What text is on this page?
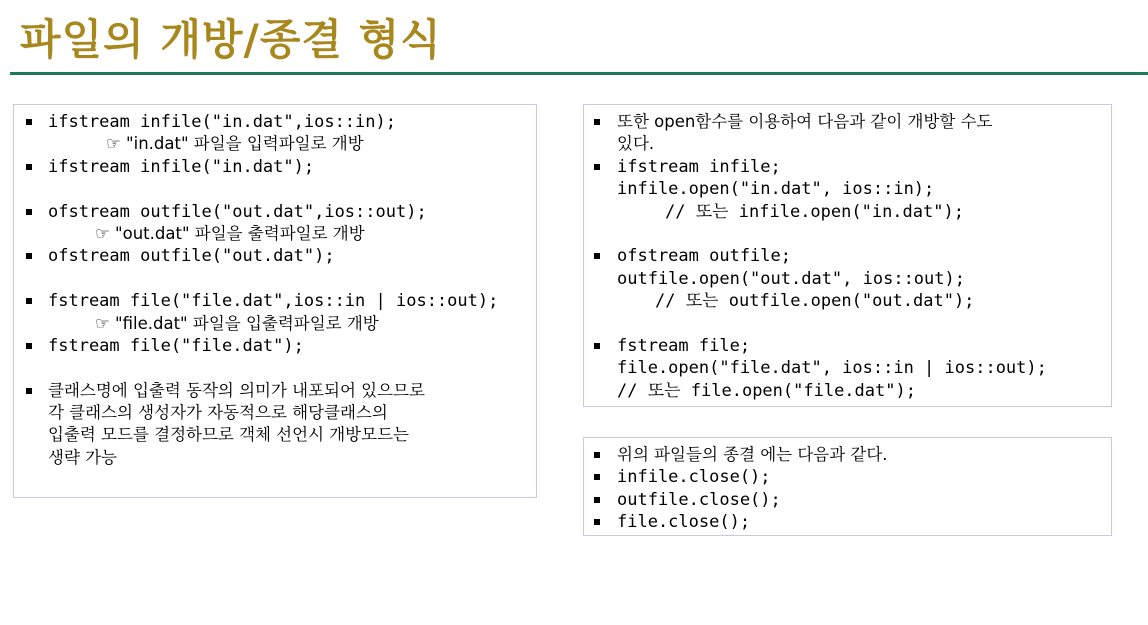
파일의 개방/종결 형식

ifstream infile("in.dat",ios::in);

☞ "in.dat" 파일을 입력파일로 개방

ifstream infile("in.dat");

ofstream outfile("out.dat",ios::out);

☞ "out.dat" 파일을 출력파일로 개방

ofstream outfile("out.dat");

fstream file("file.dat",ios::in | ios::out);

☞ "file.dat" 파일을 입출력파일로 개방

fstream file("file.dat");

클래스명에 입출력 동작의 의미가 내포되어 있으므로

각 클래스의 생성자가 자동적으로 해당클래스의

입출력 모드를 결정하므로 객체 선언시 개방모드는

생략 가능

또한 open함수를 이용하여 다음과 같이 개방할 수도

있다.

ifstream infile;

infile.open("in.dat", ios::in);

// 또는 infile.open("in.dat");

ofstream outfile;

outfile.open("out.dat", ios::out);

// 또는 outfile.open("out.dat");

fstream file;

file.open("file.dat", ios::in | ios::out);

// 또는 file.open("file.dat");

위의 파일들의 종결 에는 다음과 같다.

infile.close();

outfile.close();

file.close();
